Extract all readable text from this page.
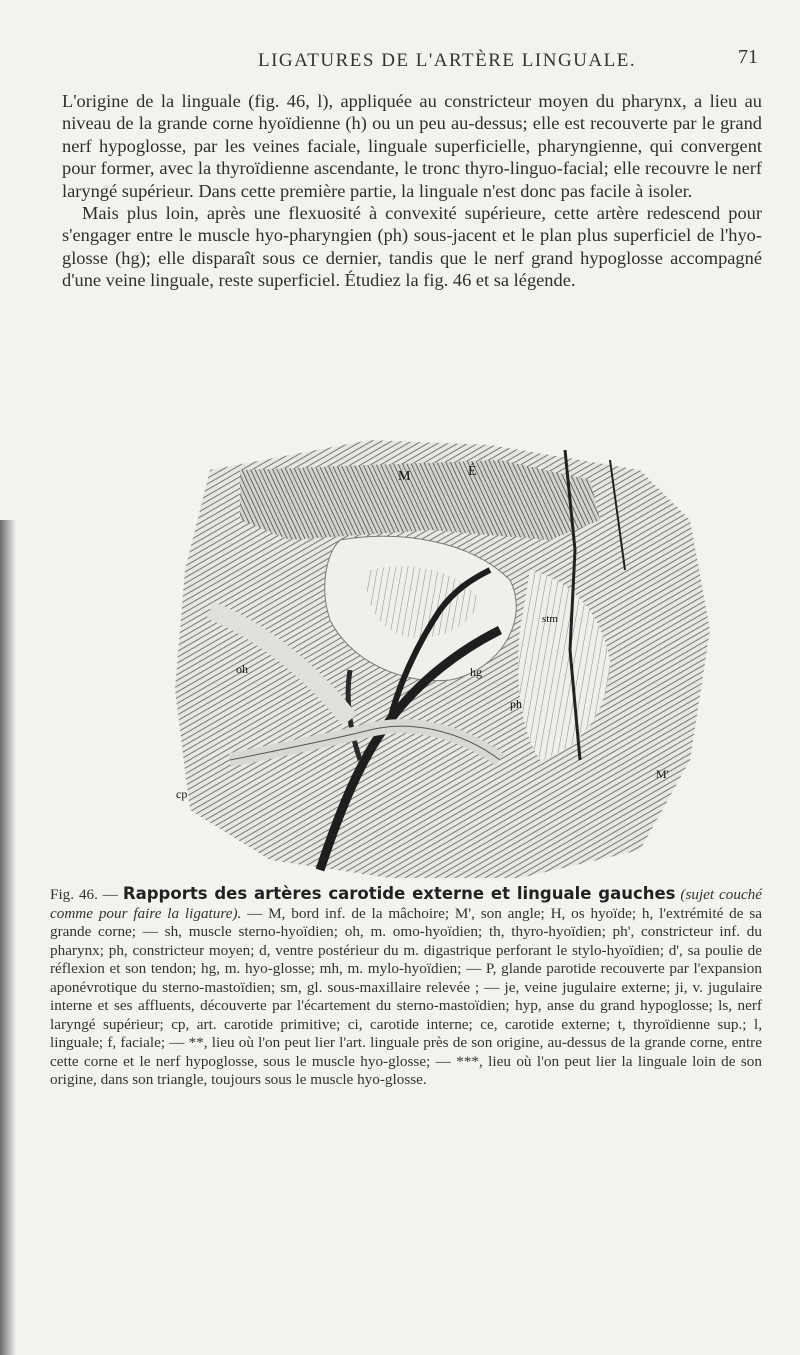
LIGATURES DE L'ARTÈRE LINGUALE.	71

L'origine de la linguale (fig. 46, l), appliquée au constricteur moyen du pharynx, a lieu au niveau de la grande corne hyoïdienne (h) ou un peu au-dessus; elle est recouverte par le grand nerf hypoglosse, par les veines faciale, linguale superficielle, pharyngienne, qui convergent pour former, avec la thyroïdienne ascendante, le tronc thyro-linguo-facial; elle recouvre le nerf laryngé supérieur. Dans cette première partie, la linguale n'est donc pas facile à isoler.

Mais plus loin, après une flexuosité à convexité supérieure, cette artère redescend pour s'engager entre le muscle hyo-pharyngien (ph) sous-jacent et le plan plus superficiel de l'hyo-glosse (hg); elle disparaît sous ce dernier, tandis que le nerf grand hypoglosse accompagné d'une veine linguale, reste superficiel. Étudiez la fig. 46 et sa légende.

M	É
stm
oh	hg
ph
cp
M'
Fig. 46. — Rapports des artères carotide externe et linguale gauches (sujet couché comme pour faire la ligature). — M, bord inf. de la mâchoire; M', son angle; H, os hyoïde; h, l'extrémité de sa grande corne; — sh, muscle sterno-hyoïdien; oh, m. omo-hyoïdien; th, thyro-hyoïdien; ph', constricteur inf. du pharynx; ph, constricteur moyen; d, ventre postérieur du m. digastrique perforant le stylo-hyoïdien; d', sa poulie de réflexion et son tendon; hg, m. hyo-glosse; mh, m. mylo-hyoïdien; — P, glande parotide recouverte par l'expansion aponévrotique du sterno-mastoïdien; sm, gl. sous-maxillaire relevée ; — je, veine jugulaire externe; ji, v. jugulaire interne et ses affluents, découverte par l'écartement du sterno-mastoïdien; hyp, anse du grand hypoglosse; ls, nerf laryngé supérieur; cp, art. carotide primitive; ci, carotide interne; ce, carotide externe; t, thyroïdienne sup.; l, linguale; f, faciale; — **, lieu où l'on peut lier l'art. linguale près de son origine, au-dessus de la grande corne, entre cette corne et le nerf hypoglosse, sous le muscle hyo-glosse; — ***, lieu où l'on peut lier la linguale loin de son origine, dans son triangle, toujours sous le muscle hyo-glosse.
